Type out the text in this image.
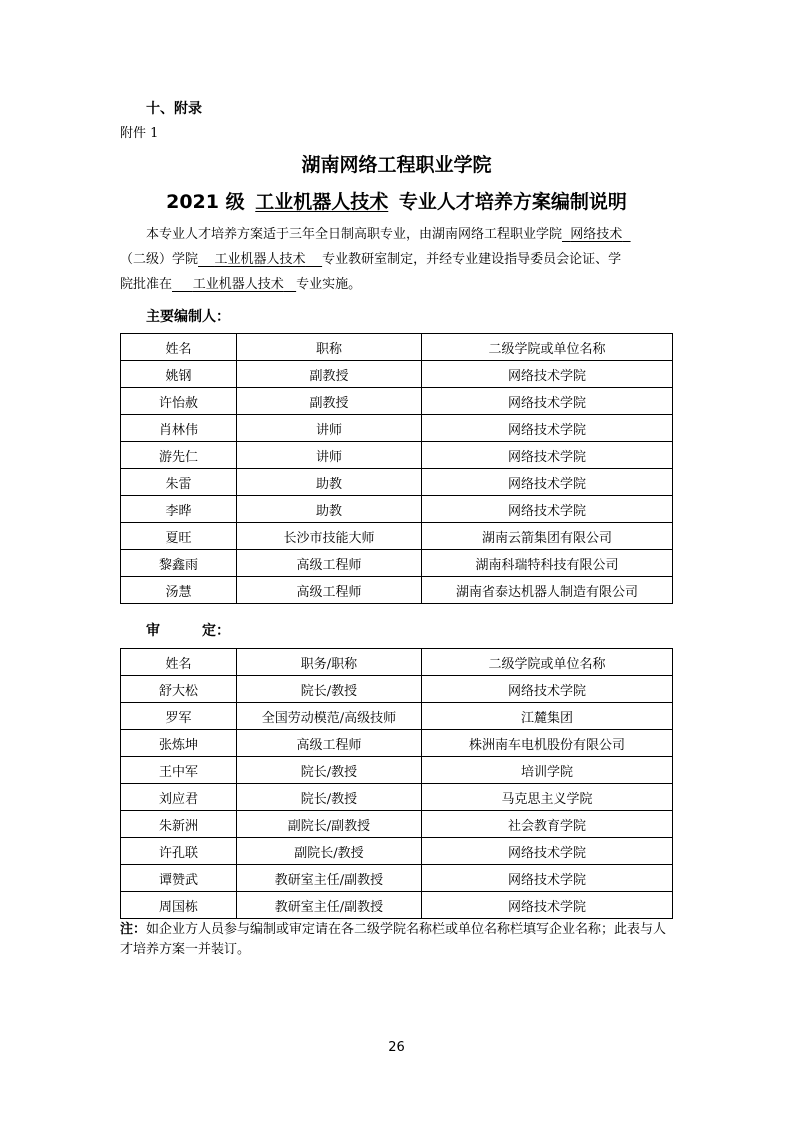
十、附录
附件 1
湖南网络工程职业学院
2021 级 工业机器人技术 专业人才培养方案编制说明
本专业人才培养方案适于三年全日制高职专业，由湖南网络工程职业学院 网络技术
（二级）学院 工业机器人技术 专业教研室制定，并经专业建设指导委员会论证、学
院批准在 工业机器人技术 专业实施。
主要编制人：
姓名	职称	二级学院或单位名称
姚钢	副教授	网络技术学院
许怡赦	副教授	网络技术学院
肖林伟	讲师	网络技术学院
游先仁	讲师	网络技术学院
朱雷	助教	网络技术学院
李晔	助教	网络技术学院
夏旺	长沙市技能大师	湖南云箭集团有限公司
黎鑫雨	高级工程师	湖南科瑞特科技有限公司
汤慧	高级工程师	湖南省泰达机器人制造有限公司
审　　　定：
姓名	职务/职称	二级学院或单位名称
舒大松	院长/教授	网络技术学院
罗军	全国劳动模范/高级技师	江麓集团
张炼坤	高级工程师	株洲南车电机股份有限公司
王中军	院长/教授	培训学院
刘应君	院长/教授	马克思主义学院
朱新洲	副院长/副教授	社会教育学院
许孔联	副院长/教授	网络技术学院
谭赞武	教研室主任/副教授	网络技术学院
周国栋	教研室主任/副教授	网络技术学院
注：如企业方人员参与编制或审定请在各二级学院名称栏或单位名称栏填写企业名称；此表与人才培养方案一并装订。
26
